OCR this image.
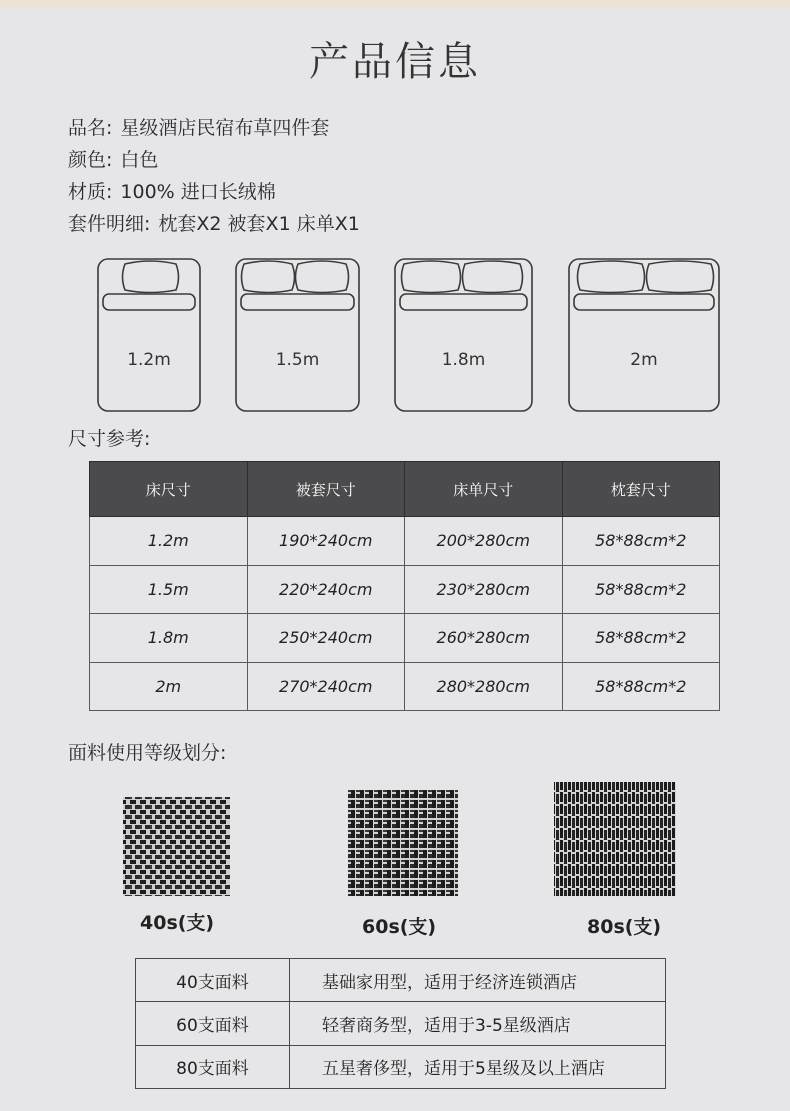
产品信息
品名: 星级酒店民宿布草四件套
颜色: 白色
材质: 100% 进口长绒棉
套件明细: 枕套X2 被套X1 床单X1
1.2m	1.5m	1.8m	2m
尺寸参考:
床尺寸	被套尺寸	床单尺寸	枕套尺寸
1.2m	190*240cm	200*280cm	58*88cm*2
1.5m	220*240cm	230*280cm	58*88cm*2
1.8m	250*240cm	260*280cm	58*88cm*2
2m	270*240cm	280*280cm	58*88cm*2
面料使用等级划分:
40s(支)	60s(支)	80s(支)
40支面料	基础家用型，适用于经济连锁酒店
60支面料	轻奢商务型，适用于3-5星级酒店
80支面料	五星奢侈型，适用于5星级及以上酒店
